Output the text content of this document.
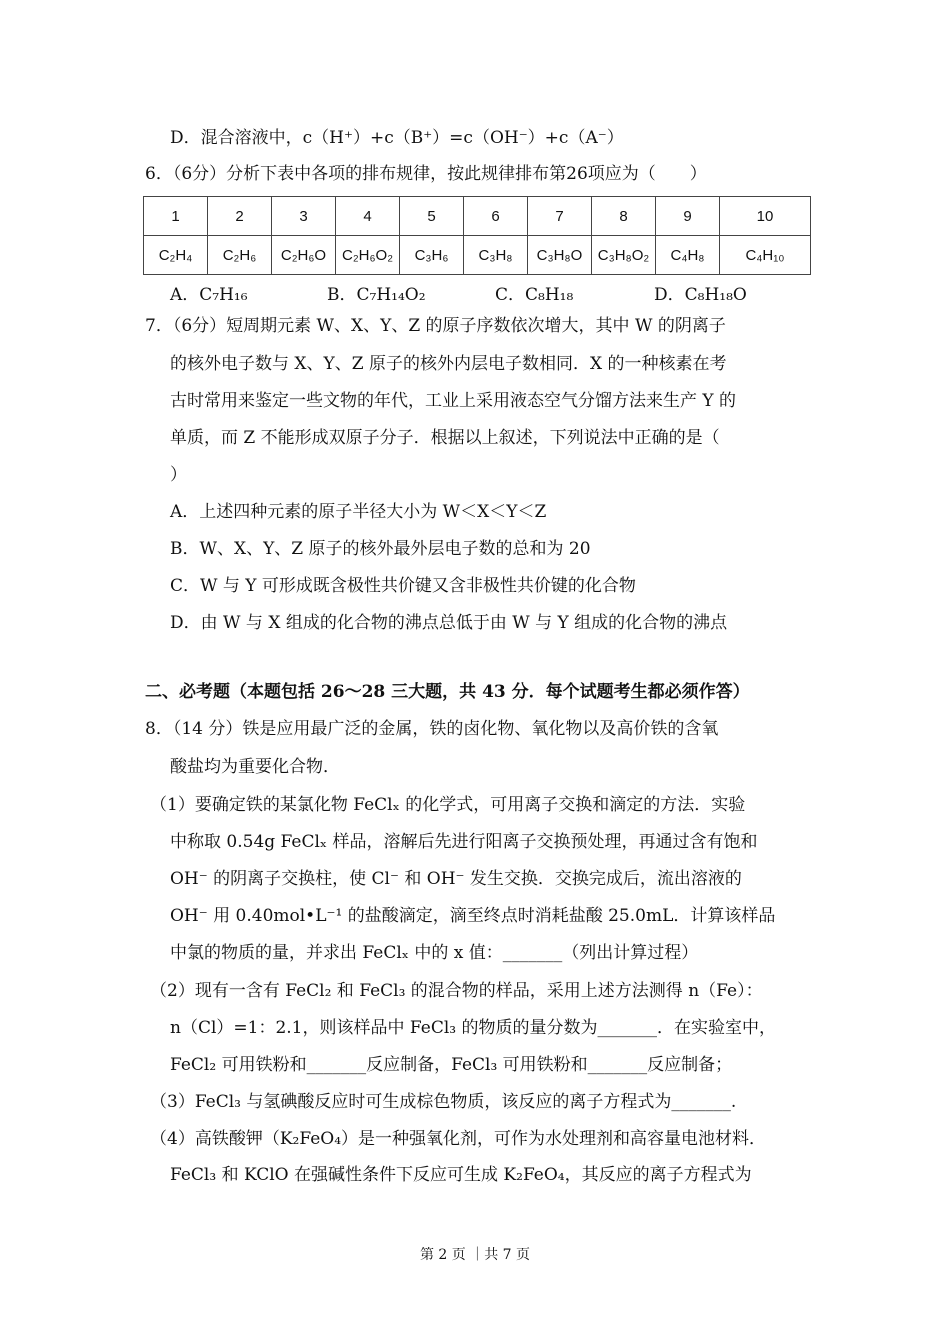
D．混合溶液中，c（H⁺）+c（B⁺）=c（OH⁻）+c（A⁻）
6．（6分）分析下表中各项的排布规律，按此规律排布第26项应为（　　）
1	2	3	4	5	6	7	8	9	10
C₂H₄	C₂H₆	C₂H₆O	C₂H₆O₂	C₃H₆	C₃H₈	C₃H₈O	C₃H₈O₂	C₄H₈	C₄H₁₀
A．C₇H₁₆	B．C₇H₁₄O₂	C．C₈H₁₈	D．C₈H₁₈O
7．（6分）短周期元素 W、X、Y、Z 的原子序数依次增大，其中 W 的阴离子
的核外电子数与 X、Y、Z 原子的核外内层电子数相同．X 的一种核素在考
古时常用来鉴定一些文物的年代，工业上采用液态空气分馏方法来生产 Y 的
单质，而 Z 不能形成双原子分子．根据以上叙述，下列说法中正确的是（
）
A．上述四种元素的原子半径大小为 W＜X＜Y＜Z
B．W、X、Y、Z 原子的核外最外层电子数的总和为 20
C．W 与 Y 可形成既含极性共价键又含非极性共价键的化合物
D．由 W 与 X 组成的化合物的沸点总低于由 W 与 Y 组成的化合物的沸点
二、必考题（本题包括 26～28 三大题，共 43 分．每个试题考生都必须作答）
8．（14 分）铁是应用最广泛的金属，铁的卤化物、氧化物以及高价铁的含氧
酸盐均为重要化合物．
（1）要确定铁的某氯化物 FeClₓ 的化学式，可用离子交换和滴定的方法．实验
中称取 0.54g FeClₓ 样品，溶解后先进行阳离子交换预处理，再通过含有饱和
OH⁻ 的阴离子交换柱，使 Cl⁻ 和 OH⁻ 发生交换．交换完成后，流出溶液的
OH⁻ 用 0.40mol•L⁻¹ 的盐酸滴定，滴至终点时消耗盐酸 25.0mL．计算该样品
中氯的物质的量，并求出 FeClₓ 中的 x 值：_______（列出计算过程）
（2）现有一含有 FeCl₂ 和 FeCl₃ 的混合物的样品，采用上述方法测得 n（Fe）：
n（Cl）=1：2.1，则该样品中 FeCl₃ 的物质的量分数为_______．在实验室中，
FeCl₂ 可用铁粉和_______反应制备，FeCl₃ 可用铁粉和_______反应制备；
（3）FeCl₃ 与氢碘酸反应时可生成棕色物质，该反应的离子方程式为_______.
（4）高铁酸钾（K₂FeO₄）是一种强氧化剂，可作为水处理剂和高容量电池材料．
FeCl₃ 和 KClO 在强碱性条件下反应可生成 K₂FeO₄，其反应的离子方程式为
第 2 页 ｜共 7 页
